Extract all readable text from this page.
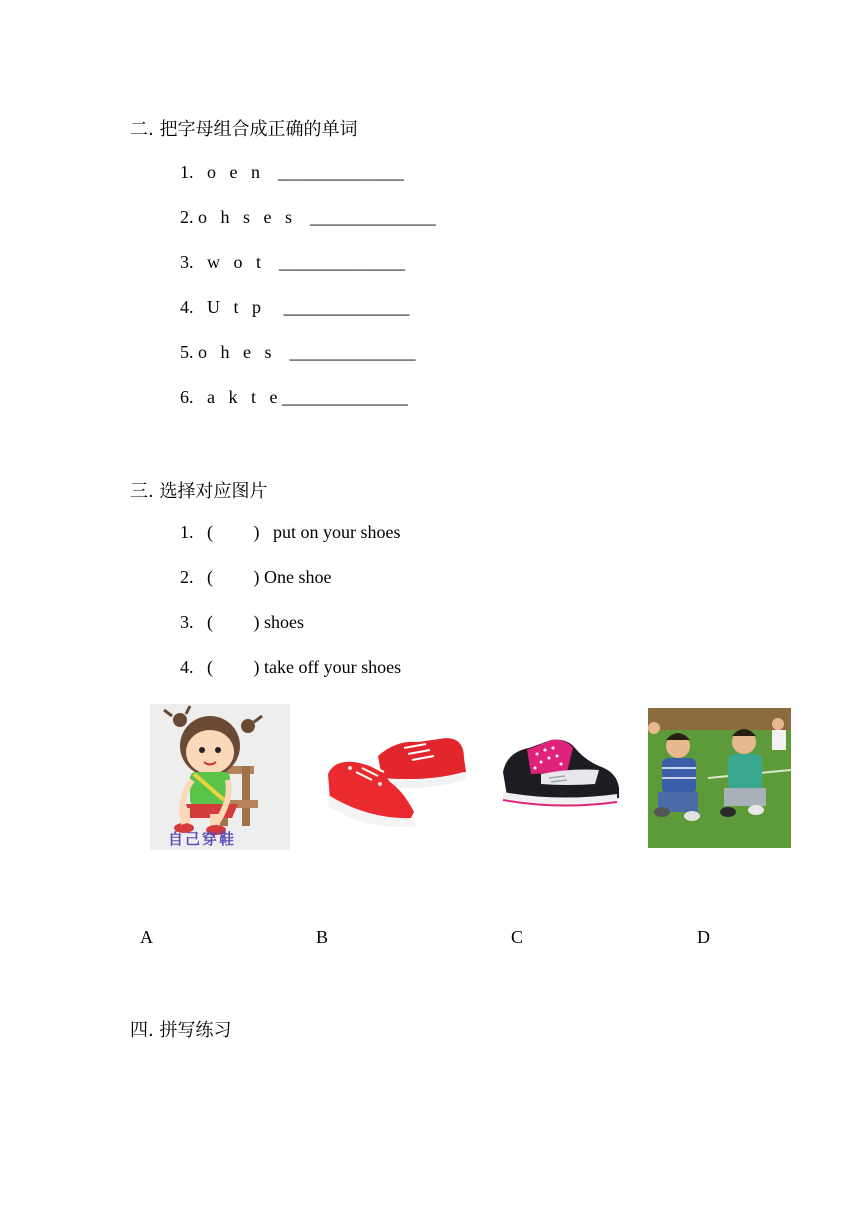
二. 把字母组合成正确的单词
1.   o   e   n    ______________
2. o   h   s   e   s    ______________
3.   w   o   t    ______________
4.   U   t   p     ______________
5. o   h   e   s    ______________
6.   a   k   t   e ______________
三. 选择对应图片
1.   (         )   put on your shoes
2.   (         ) One shoe
3.   (         ) shoes
4.   (         ) take off your shoes
自己穿鞋
A	B	C	D
四. 拼写练习
